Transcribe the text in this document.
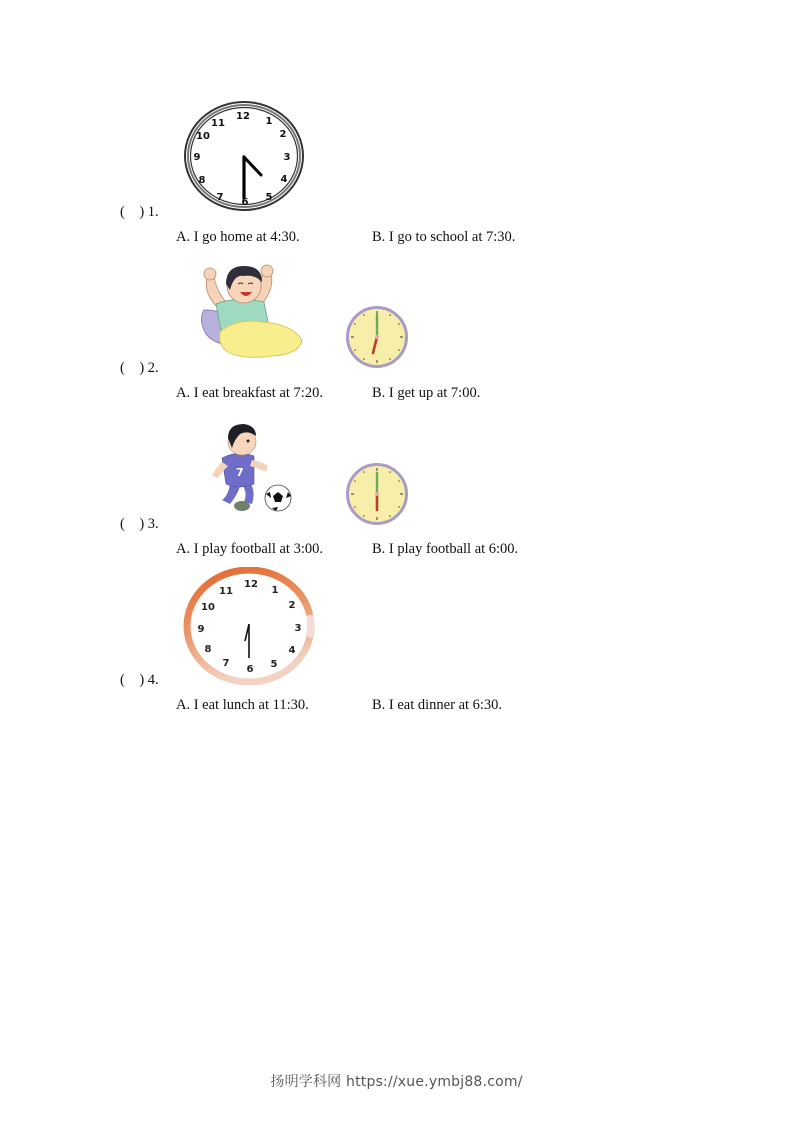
12 1
2
3
4
5
6
7
8
9
10
11
(    ) 1.
A. I go home at 4:30.	B. I go to school at 7:30.
(    ) 2.
A. I eat breakfast at 7:20.	B. I get up at 7:00.
7
(    ) 3.
A. I play football at 3:00.	B. I play football at 6:00.
12
1
2
3
4
5
6
7
8
9
10
11
(    ) 4.
A. I eat lunch at 11:30.	B. I eat dinner at 6:30.
扬明学科网 https://xue.ymbj88.com/
